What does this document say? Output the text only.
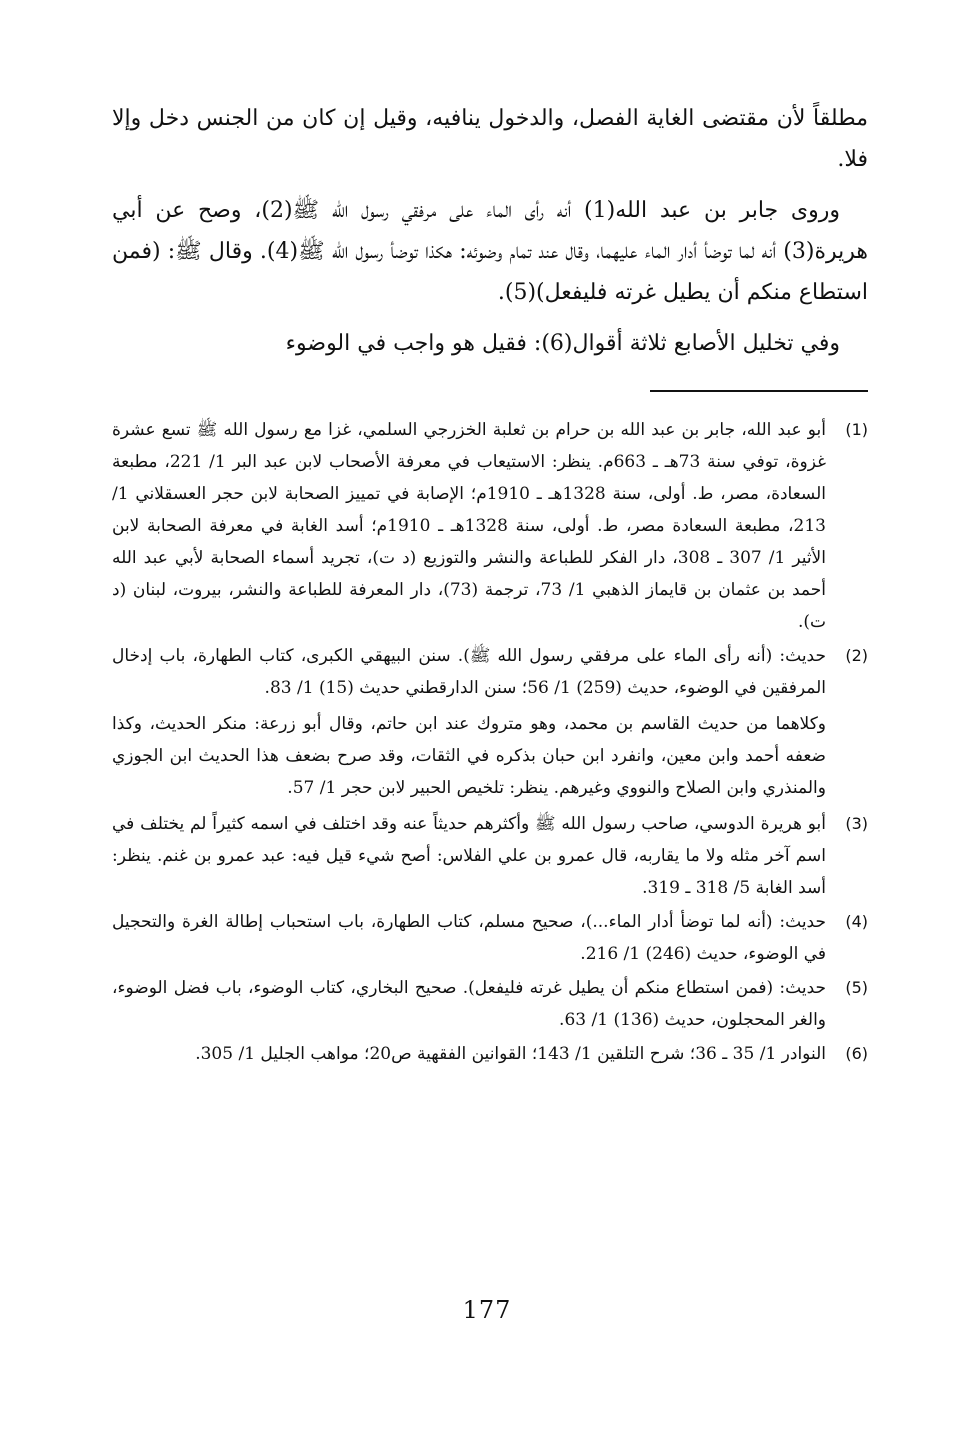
مطلقاً لأن مقتضى الغاية الفصل، والدخول ينافيه، وقيل إن كان من الجنس دخل وإلا فلا.

وروى جابر بن عبد الله(1) أنه رأى الماء على مرفقي رسول الله ﷺ(2)، وصح عن أبي هريرة(3) أنه لما توضأ أدار الماء عليهما، وقال عند تمام وضوئه: هكذا توضأ رسول الله ﷺ(4). وقال ﷺ: (فمن استطاع منكم أن يطيل غرته فليفعل)(5).

وفي تخليل الأصابع ثلاثة أقوال(6): فقيل هو واجب في الوضوء

(1)
أبو عبد الله، جابر بن عبد الله بن حرام بن ثعلبة الخزرجي السلمي، غزا مع رسول الله ﷺ تسع عشرة غزوة، توفي سنة 73هـ ـ 663م. ينظر: الاستيعاب في معرفة الأصحاب لابن عبد البر 1/ 221، مطبعة السعادة، مصر، ط. أولى، سنة 1328هـ ـ 1910م؛ الإصابة في تمييز الصحابة لابن حجر العسقلاني 1/ 213، مطبعة السعادة مصر، ط. أولى، سنة 1328هـ ـ 1910م؛ أسد الغابة في معرفة الصحابة لابن الأثير 1/ 307 ـ 308، دار الفكر للطباعة والنشر والتوزيع (د ت)، تجريد أسماء الصحابة لأبي عبد الله أحمد بن عثمان بن قايماز الذهبي 1/ 73، ترجمة (73)، دار المعرفة للطباعة والنشر، بيروت، لبنان (د ت).
(2)
حديث: (أنه رأى الماء على مرفقي رسول الله ﷺ). سنن البيهقي الكبرى، كتاب الطهارة، باب إدخال المرفقين في الوضوء، حديث (259) 1/ 56؛ سنن الدارقطني حديث (15) 1/ 83.
وكلاهما من حديث القاسم بن محمد، وهو متروك عند ابن حاتم، وقال أبو زرعة: منكر الحديث، وكذا ضعفه أحمد وابن معين، وانفرد ابن حبان بذكره في الثقات، وقد صرح بضعف هذا الحديث ابن الجوزي والمنذري وابن الصلاح والنووي وغيرهم. ينظر: تلخيص الحبير لابن حجر 1/ 57.
(3)
أبو هريرة الدوسي، صاحب رسول الله ﷺ وأكثرهم حديثاً عنه وقد اختلف في اسمه كثيراً لم يختلف في اسم آخر مثله ولا ما يقاربه، قال عمرو بن علي الفلاس: أصح شيء قيل فيه: عبد عمرو بن غنم. ينظر: أسد الغابة 5/ 318 ـ 319.
(4)
حديث: (أنه لما توضأ أدار الماء...)، صحيح مسلم، كتاب الطهارة، باب استحباب إطالة الغرة والتحجيل في الوضوء، حديث (246) 1/ 216.
(5)
حديث: (فمن استطاع منكم أن يطيل غرته فليفعل). صحيح البخاري، كتاب الوضوء، باب فضل الوضوء، والغر المحجلون، حديث (136) 1/ 63.
(6)
النوادر 1/ 35 ـ 36؛ شرح التلقين 1/ 143؛ القوانين الفقهية ص20؛ مواهب الجليل 1/ 305.
177
